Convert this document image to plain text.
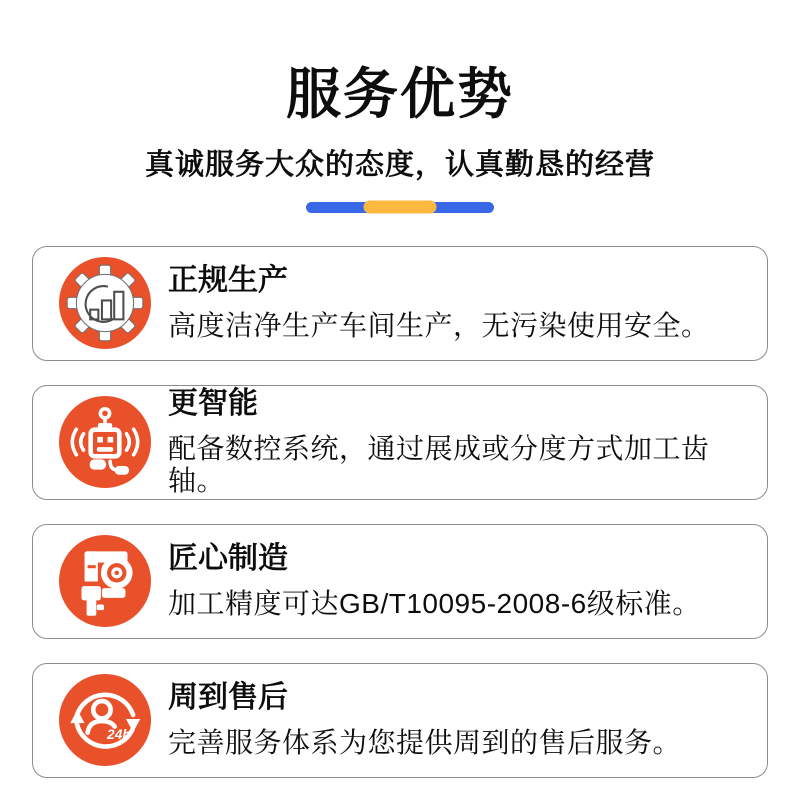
服务优势
真诚服务大众的态度，认真勤恳的经营
正规生产
高度洁净生产车间生产，无污染使用安全。
更智能
配备数控系统，通过展成或分度方式加工齿轴。
匠心制造
加工精度可达GB/T10095-2008-6级标准。
24h
周到售后
完善服务体系为您提供周到的售后服务。
